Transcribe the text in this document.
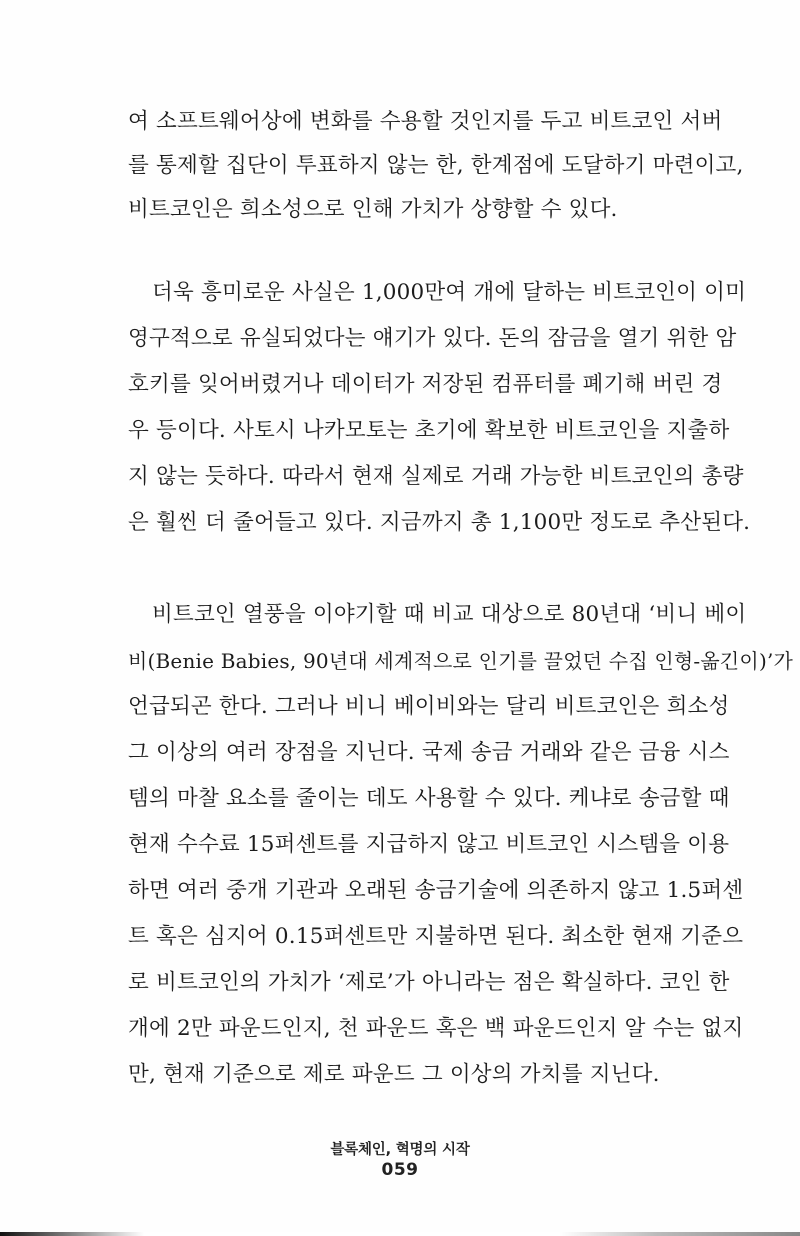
여 소프트웨어상에 변화를 수용할 것인지를 두고 비트코인 서버
를 통제할 집단이 투표하지 않는 한, 한계점에 도달하기 마련이고,
비트코인은 희소성으로 인해 가치가 상향할 수 있다.
더욱 흥미로운 사실은 1,000만여 개에 달하는 비트코인이 이미
영구적으로 유실되었다는 얘기가 있다. 돈의 잠금을 열기 위한 암
호키를 잊어버렸거나 데이터가 저장된 컴퓨터를 폐기해 버린 경
우 등이다. 사토시 나카모토는 초기에 확보한 비트코인을 지출하
지 않는 듯하다. 따라서 현재 실제로 거래 가능한 비트코인의 총량
은 훨씬 더 줄어들고 있다. 지금까지 총 1,100만 정도로 추산된다.
비트코인 열풍을 이야기할 때 비교 대상으로 80년대 ‘비니 베이
비(Benie Babies, 90년대 세계적으로 인기를 끌었던 수집 인형-옮긴이)’가
언급되곤 한다. 그러나 비니 베이비와는 달리 비트코인은 희소성
그 이상의 여러 장점을 지닌다. 국제 송금 거래와 같은 금융 시스
템의 마찰 요소를 줄이는 데도 사용할 수 있다. 케냐로 송금할 때
현재 수수료 15퍼센트를 지급하지 않고 비트코인 시스템을 이용
하면 여러 중개 기관과 오래된 송금기술에 의존하지 않고 1.5퍼센
트 혹은 심지어 0.15퍼센트만 지불하면 된다. 최소한 현재 기준으
로 비트코인의 가치가 ‘제로’가 아니라는 점은 확실하다. 코인 한
개에 2만 파운드인지, 천 파운드 혹은 백 파운드인지 알 수는 없지
만, 현재 기준으로 제로 파운드 그 이상의 가치를 지닌다.
블록체인, 혁명의 시작
059
